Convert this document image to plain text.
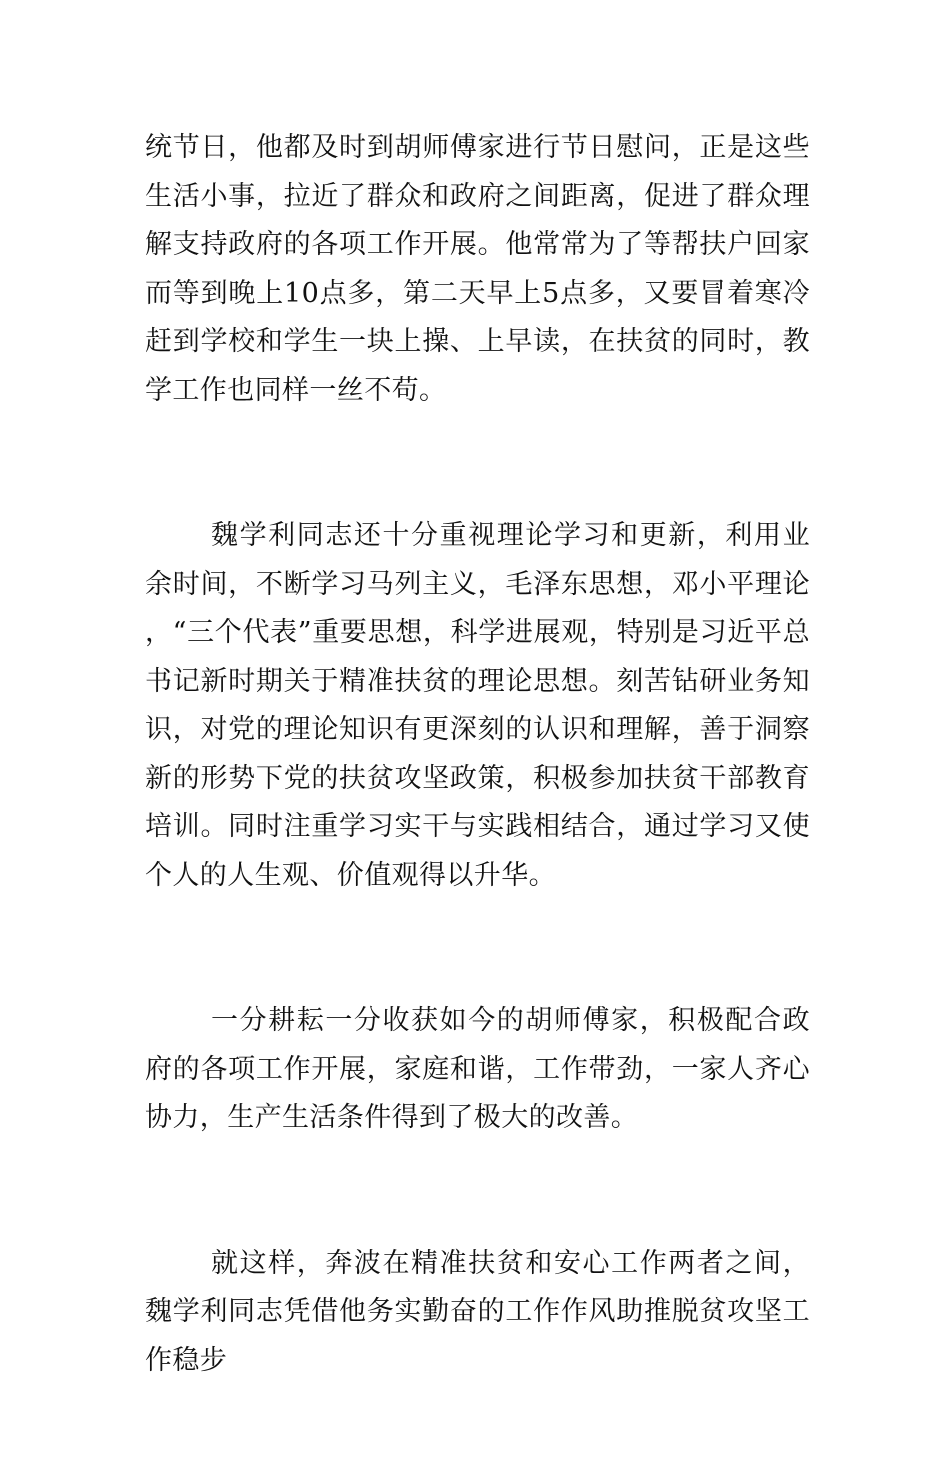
统节日，他都及时到胡师傅家进行节日慰问，正是这些生活小事，拉近了群众和政府之间距离，促进了群众理解支持政府的各项工作开展。他常常为了等帮扶户回家而等到晚上10点多，第二天早上5点多，又要冒着寒冷赶到学校和学生一块上操、上早读，在扶贫的同时，教学工作也同样一丝不苟。

魏学利同志还十分重视理论学习和更新，利用业余时间，不断学习马列主义，毛泽东思想，邓小平理论，“三个代表”重要思想，科学进展观，特别是习近平总书记新时期关于精准扶贫的理论思想。刻苦钻研业务知识，对党的理论知识有更深刻的认识和理解，善于洞察新的形势下党的扶贫攻坚政策，积极参加扶贫干部教育培训。同时注重学习实干与实践相结合，通过学习又使个人的人生观、价值观得以升华。

一分耕耘一分收获如今的胡师傅家，积极配合政府的各项工作开展，家庭和谐，工作带劲，一家人齐心协力，生产生活条件得到了极大的改善。

就这样，奔波在精准扶贫和安心工作两者之间，魏学利同志凭借他务实勤奋的工作作风助推脱贫攻坚工作稳步
